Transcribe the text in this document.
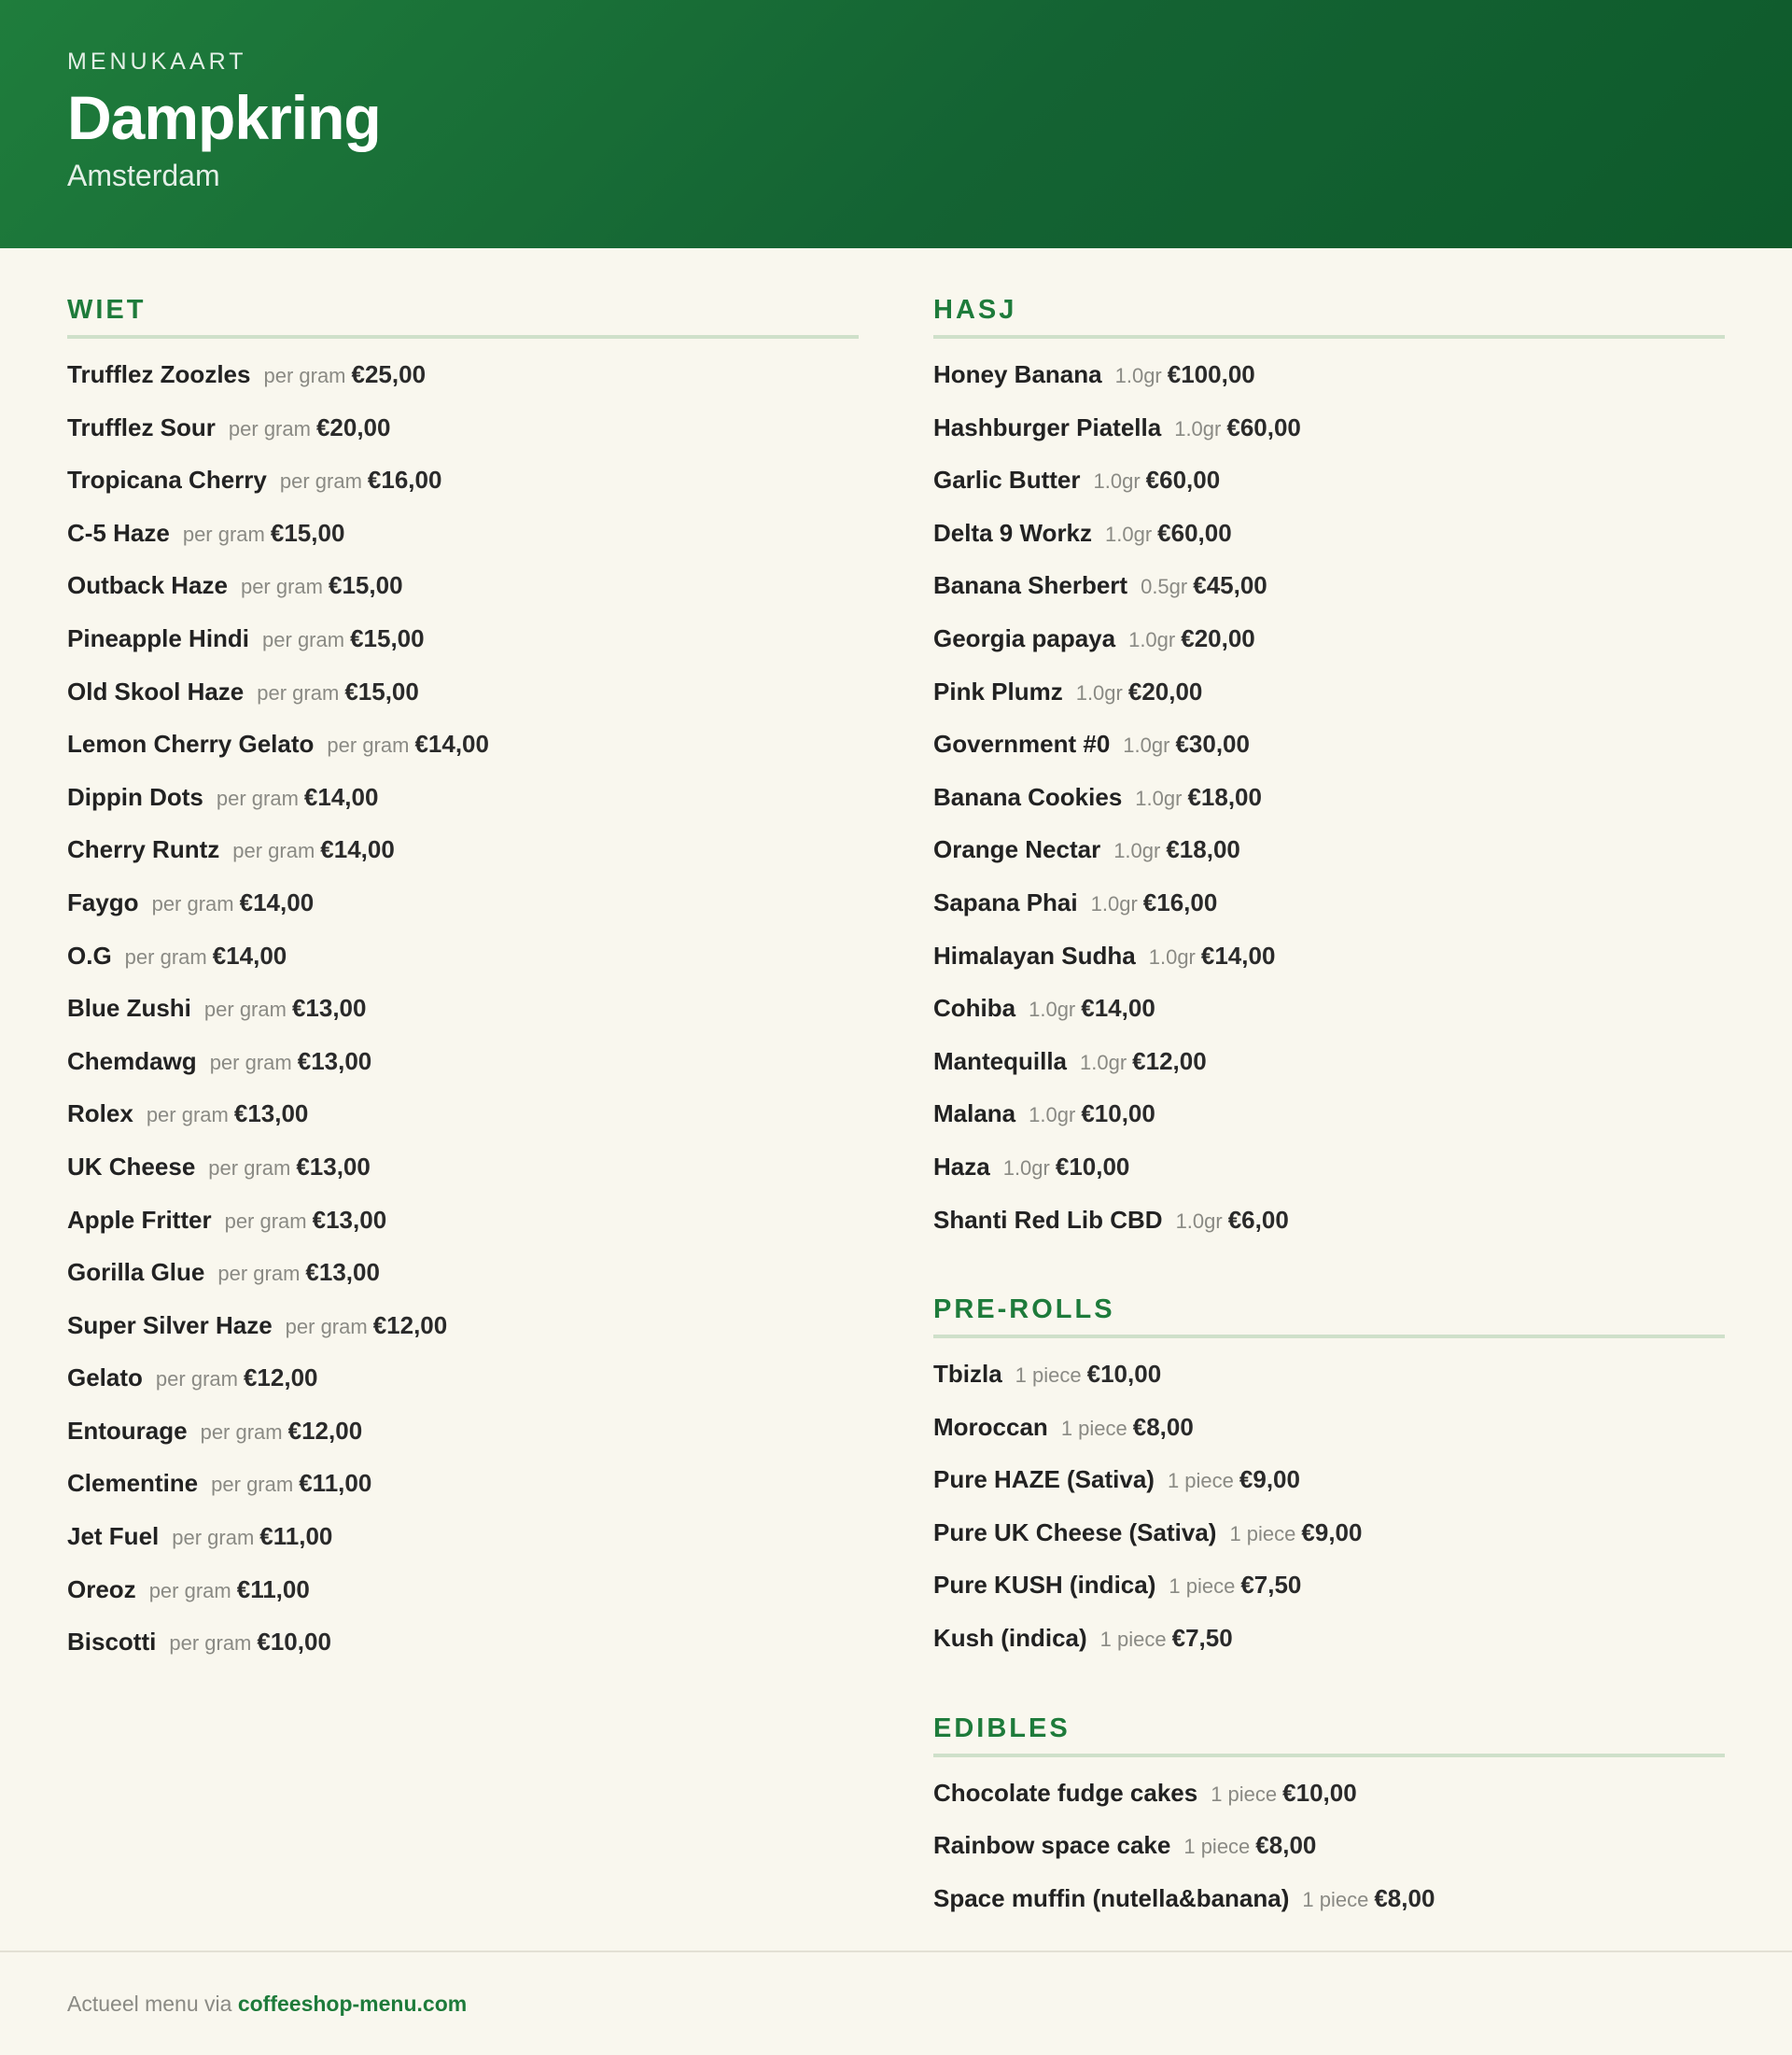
MENUKAART
Dampkring
Amsterdam
WIET
Trufflez Zoozles per gram €25,00
Trufflez Sour per gram €20,00
Tropicana Cherry per gram €16,00
C-5 Haze per gram €15,00
Outback Haze per gram €15,00
Pineapple Hindi per gram €15,00
Old Skool Haze per gram €15,00
Lemon Cherry Gelato per gram €14,00
Dippin Dots per gram €14,00
Cherry Runtz per gram €14,00
Faygo per gram €14,00
O.G per gram €14,00
Blue Zushi per gram €13,00
Chemdawg per gram €13,00
Rolex per gram €13,00
UK Cheese per gram €13,00
Apple Fritter per gram €13,00
Gorilla Glue per gram €13,00
Super Silver Haze per gram €12,00
Gelato per gram €12,00
Entourage per gram €12,00
Clementine per gram €11,00
Jet Fuel per gram €11,00
Oreoz per gram €11,00
Biscotti per gram €10,00
HASJ
Honey Banana 1.0gr €100,00
Hashburger Piatella 1.0gr €60,00
Garlic Butter 1.0gr €60,00
Delta 9 Workz 1.0gr €60,00
Banana Sherbert 0.5gr €45,00
Georgia papaya 1.0gr €20,00
Pink Plumz 1.0gr €20,00
Government #0 1.0gr €30,00
Banana Cookies 1.0gr €18,00
Orange Nectar 1.0gr €18,00
Sapana Phai 1.0gr €16,00
Himalayan Sudha 1.0gr €14,00
Cohiba 1.0gr €14,00
Mantequilla 1.0gr €12,00
Malana 1.0gr €10,00
Haza 1.0gr €10,00
Shanti Red Lib CBD 1.0gr €6,00
PRE-ROLLS
Tbizla 1 piece €10,00
Moroccan 1 piece €8,00
Pure HAZE (Sativa) 1 piece €9,00
Pure UK Cheese (Sativa) 1 piece €9,00
Pure KUSH (indica) 1 piece €7,50
Kush (indica) 1 piece €7,50
EDIBLES
Chocolate fudge cakes 1 piece €10,00
Rainbow space cake 1 piece €8,00
Space muffin (nutella&banana) 1 piece €8,00
Actueel menu via coffeeshop-menu.com
